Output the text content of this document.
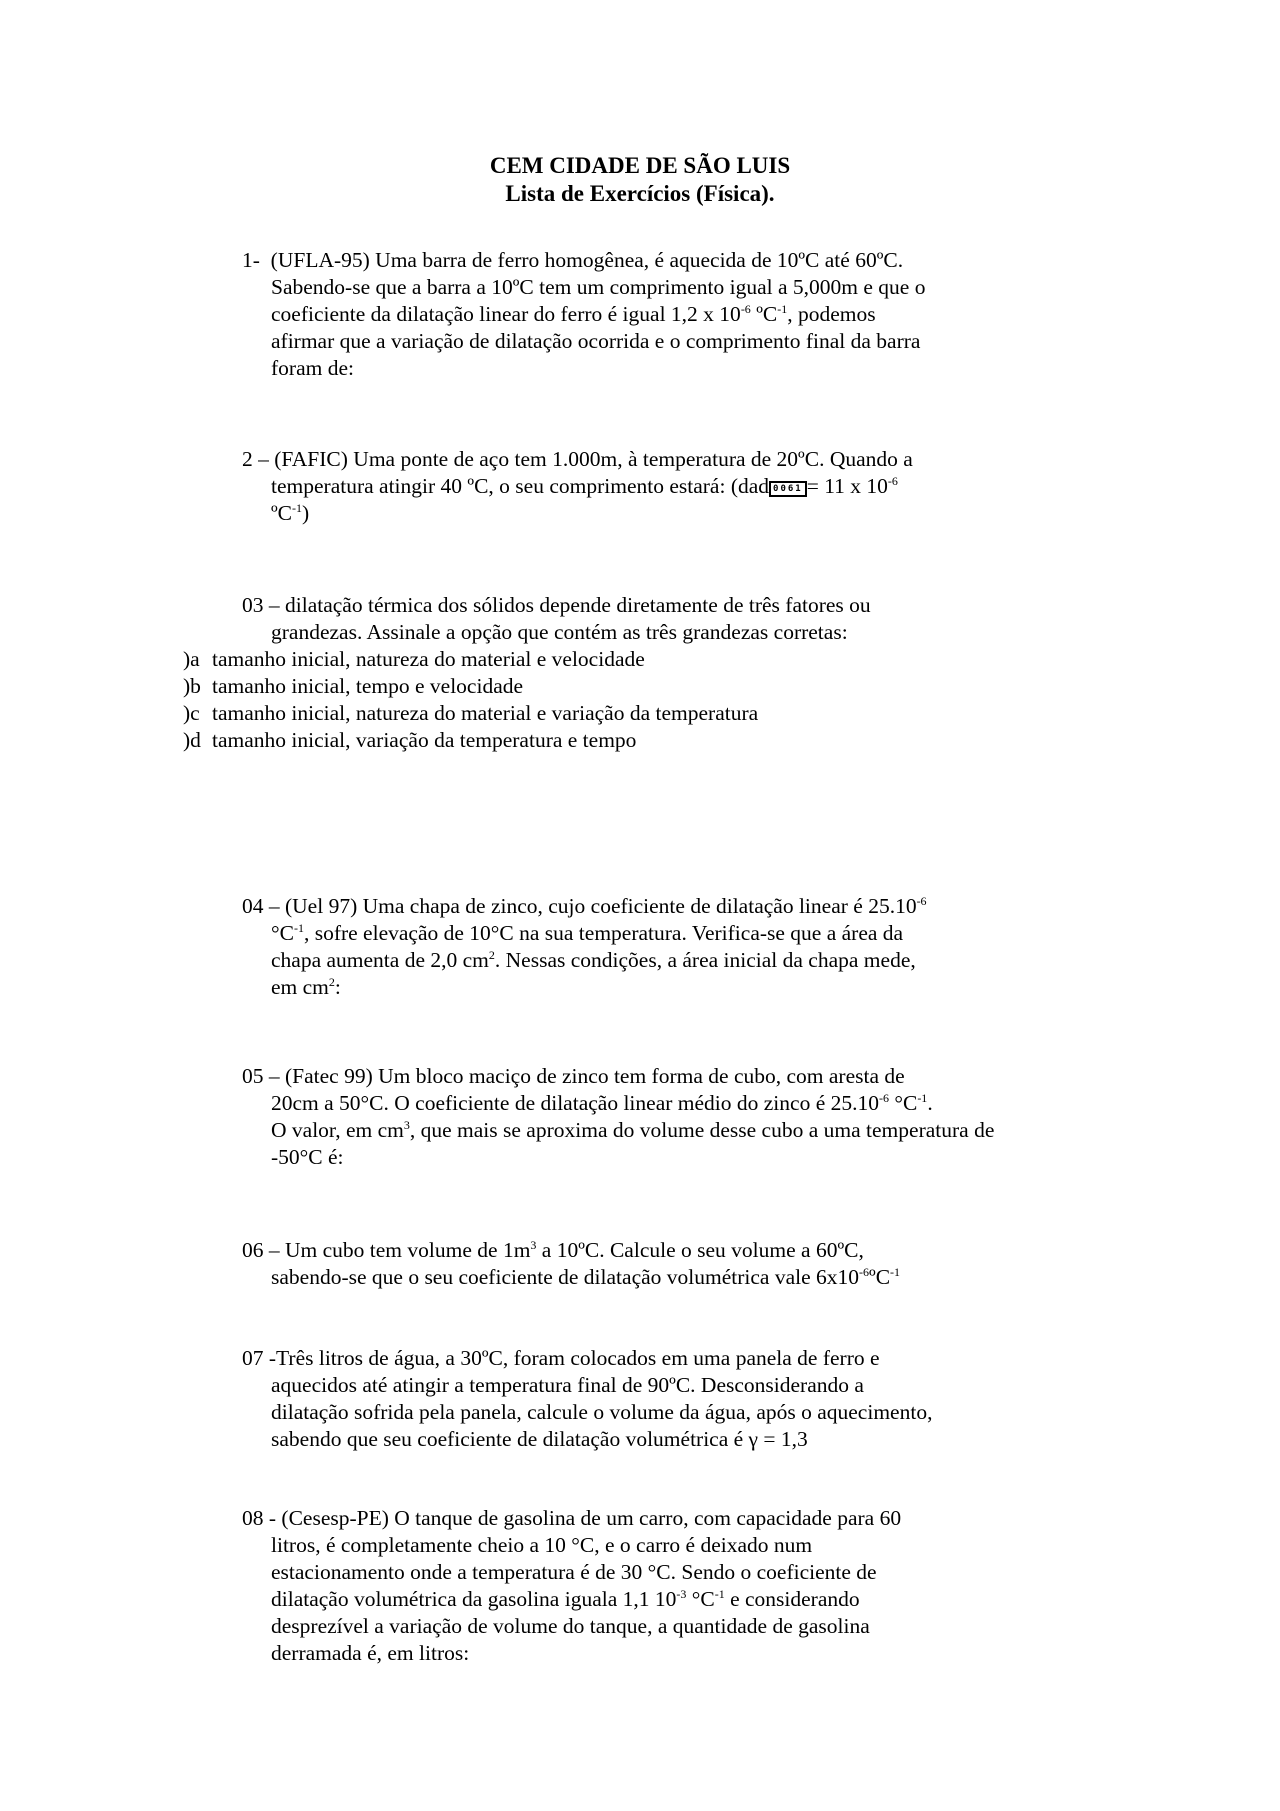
CEM CIDADE DE SÃO LUIS
Lista de Exercícios (Física).

1- (UFLA-95) Uma barra de ferro homogênea, é aquecida de 10ºC até 60ºC.

Sabendo-se que a barra a 10ºC tem um comprimento igual a 5,000m e que o

coeficiente da dilatação linear do ferro é igual 1,2 x $10^{-6}$ ºC$^{-1}$, podemos

afirmar que a variação de dilatação ocorrida e o comprimento final da barra

foram de:

2 – (FAFIC) Uma ponte de aço tem 1.000m, à temperatura de 20ºC. Quando a

temperatura atingir 40 ºC, o seu comprimento estará: (dad 0061 = 11 x $10^{-6}$

ºC$^{-1}$)

03 – dilatação térmica dos sólidos depende diretamente de três fatores ou

grandezas. Assinale a opção que contém as três grandezas corretas:

)a tamanho inicial, natureza do material e velocidade
)b tamanho inicial, tempo e velocidade
)c tamanho inicial, natureza do material e variação da temperatura
)d tamanho inicial, variação da temperatura e tempo

04 – (Uel 97) Uma chapa de zinco, cujo coeficiente de dilatação linear é $25.10^{-6}$

$^\circ C^{-1}$, sofre elevação de 10°C na sua temperatura. Verifica-se que a área da

chapa aumenta de 2,0 $cm^2$. Nessas condições, a área inicial da chapa mede,

em $cm^2$:

05 – (Fatec 99) Um bloco maciço de zinco tem forma de cubo, com aresta de

20cm a 50°C. O coeficiente de dilatação linear médio do zinco é $25.10^{-6}$ $^\circ C^{-1}$.

O valor, em $cm^3$, que mais se aproxima do volume desse cubo a uma temperatura de

-50°C é:

06 – Um cubo tem volume de $1m^3$ a 10ºC. Calcule o seu volume a 60ºC,

sabendo-se que o seu coeficiente de dilatação volumétrica vale $6x10^{-6}ºC^{-1}$

07 -Três litros de água, a 30ºC, foram colocados em uma panela de ferro e

aquecidos até atingir a temperatura final de 90ºC. Desconsiderando a

dilatação sofrida pela panela, calcule o volume da água, após o aquecimento,

sabendo que seu coeficiente de dilatação volumétrica é γ = 1,3

08 - (Cesesp-PE) O tanque de gasolina de um carro, com capacidade para 60

litros, é completamente cheio a 10 °C, e o carro é deixado num

estacionamento onde a temperatura é de 30 °C. Sendo o coeficiente de

dilatação volumétrica da gasolina iguala 1,1 $10^{-3}$ $^\circ C^{-1}$ e considerando

desprezível a variação de volume do tanque, a quantidade de gasolina

derramada é, em litros:
